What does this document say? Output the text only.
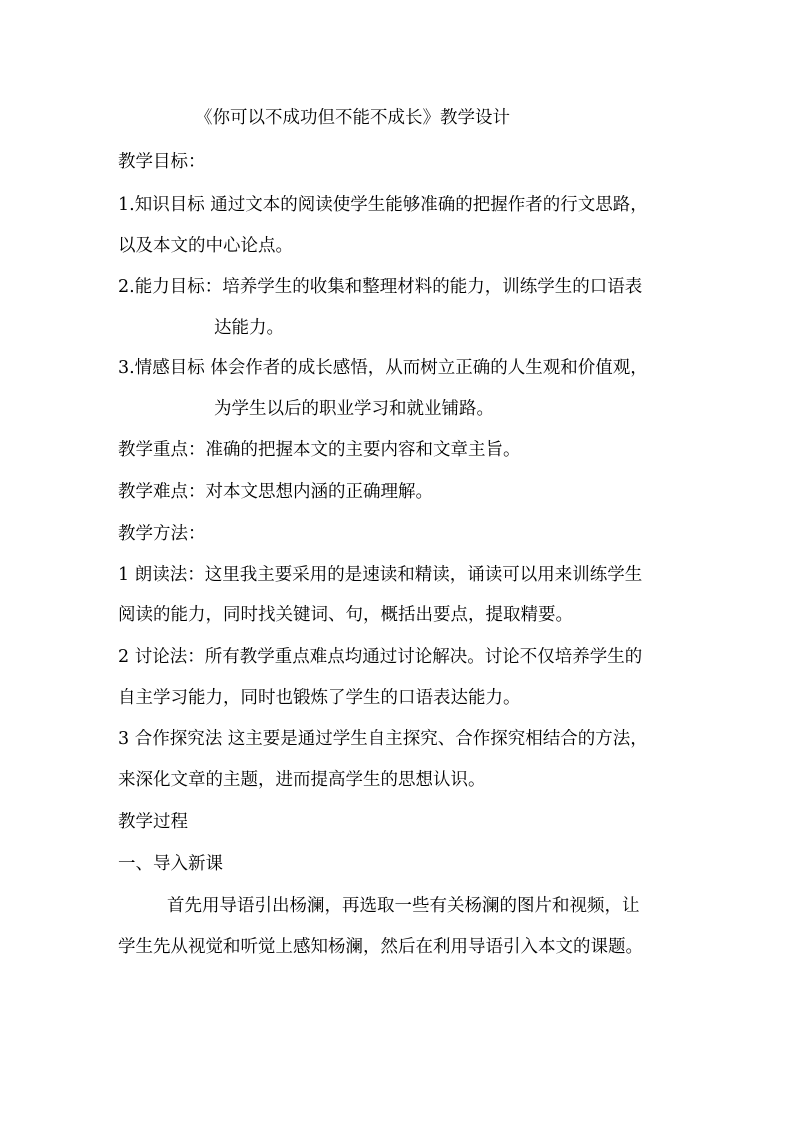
《你可以不成功但不能不成长》教学设计
教学目标：
1.知识目标 通过文本的阅读使学生能够准确的把握作者的行文思路，
以及本文的中心论点。
2.能力目标：培养学生的收集和整理材料的能力，训练学生的口语表
达能力。
3.情感目标 体会作者的成长感悟，从而树立正确的人生观和价值观，
为学生以后的职业学习和就业铺路。
教学重点：准确的把握本文的主要内容和文章主旨。
教学难点：对本文思想内涵的正确理解。
教学方法：
1 朗读法：这里我主要采用的是速读和精读，诵读可以用来训练学生
阅读的能力，同时找关键词、句，概括出要点，提取精要。
2 讨论法：所有教学重点难点均通过讨论解决。讨论不仅培养学生的
自主学习能力，同时也锻炼了学生的口语表达能力。
3 合作探究法 这主要是通过学生自主探究、合作探究相结合的方法，
来深化文章的主题，进而提高学生的思想认识。
教学过程
一、导入新课
首先用导语引出杨澜，再选取一些有关杨澜的图片和视频，让
学生先从视觉和听觉上感知杨澜，然后在利用导语引入本文的课题。
